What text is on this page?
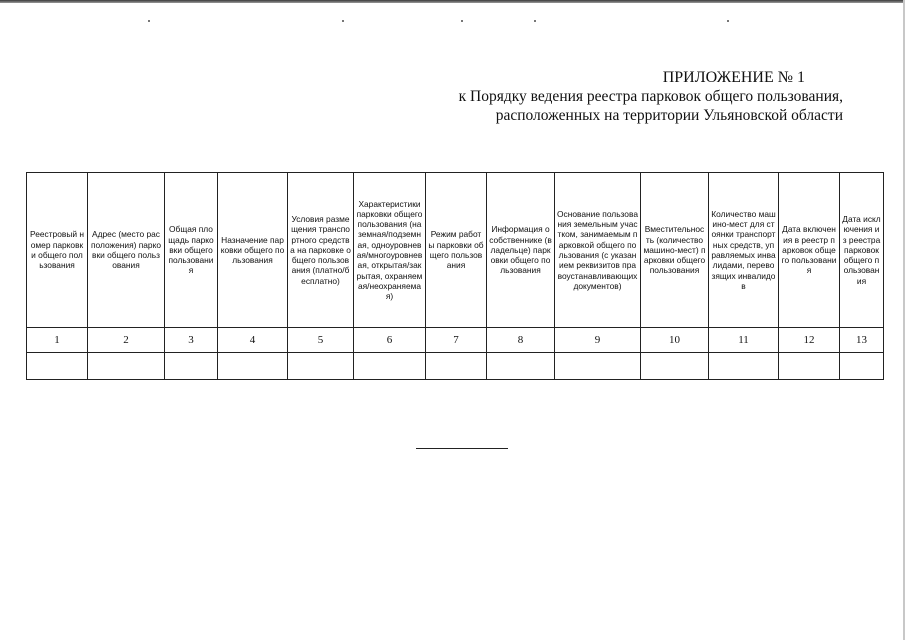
ПРИЛОЖЕНИЕ № 1
к Порядку ведения реестра парковок общего пользования,
расположенных на территории Ульяновской области
Реестровый номер парковки общего пользования	Адрес (место расположения) парковки общего пользования	Общая площадь парковки общего пользования	Назначение парковки общего пользования	Условия размещения транспортного средства на парковке общего пользования (платно/бесплатно)	Характеристики парковки общего пользования (наземная/подземная, одноуровневая/многоуровневая, открытая/закрытая, охраняемая/неохраняемая)	Режим работы парковки общего пользования	Информация о собственнике (владельце) парковки общего пользования	Основание пользования земельным участком, занимаемым парковкой общего пользования (с указанием реквизитов правоустанавливающих документов)	Вместительность (количество машино-мест) парковки общего пользования	Количество машино-мест для стоянки транспортных средств, управляемых инвалидами, перевозящих инвалидов	Дата включения в реестр парковок общего пользования	Дата исключения из реестра парковок общего пользования
1	2	3	4	5	6	7	8	9	10	11	12	13
